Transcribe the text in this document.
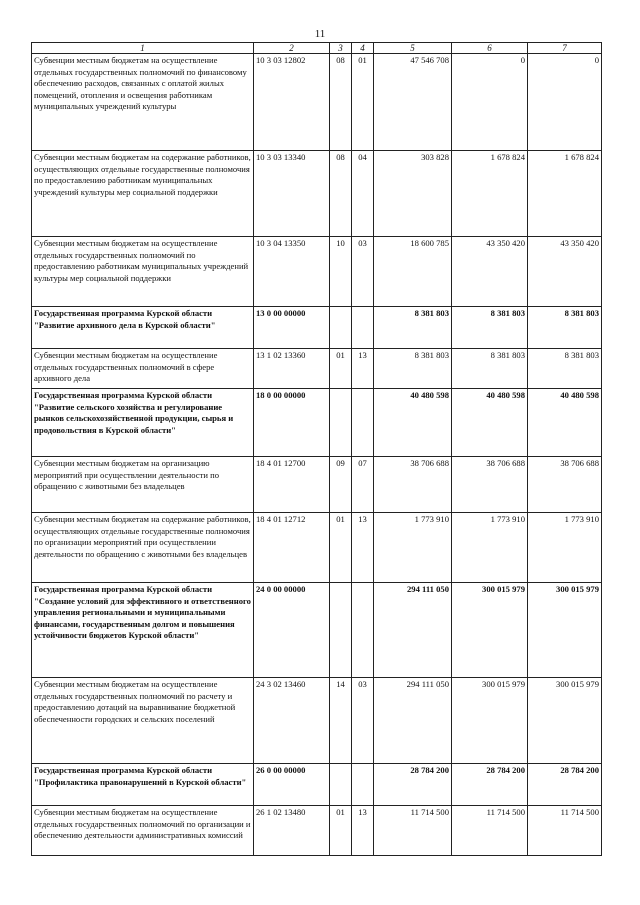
11
1	2	3	4	5	6	7
Субвенции местным бюджетам на осуществление отдельных государственных полномочий по финансовому обеспечению расходов, связанных с оплатой жилых помещений, отопления и освещения работникам муниципальных учреждений культуры	10 3 03 12802	08	01	47 546 708	0	0
Субвенции местным бюджетам на содержание работников, осуществляющих отдельные государственные полномочия по предоставлению работникам муниципальных учреждений культуры мер социальной поддержки	10 3 03 13340	08	04	303 828	1 678 824	1 678 824
Субвенции местным бюджетам на осуществление отдельных государственных полномочий по предоставлению работникам муниципальных учреждений культуры мер социальной поддержки	10 3 04 13350	10	03	18 600 785	43 350 420	43 350 420
Государственная программа Курской области "Развитие архивного дела в Курской области"	13 0 00 00000			8 381 803	8 381 803	8 381 803
Субвенции местным бюджетам на осуществление отдельных государственных полномочий в сфере архивного дела	13 1 02 13360	01	13	8 381 803	8 381 803	8 381 803
Государственная программа Курской области "Развитие сельского хозяйства и регулирование рынков сельскохозяйственной продукции, сырья и продовольствия в Курской области"	18 0 00 00000			40 480 598	40 480 598	40 480 598
Субвенции местным бюджетам на организацию мероприятий при осуществлении деятельности по обращению с животными без владельцев	18 4 01 12700	09	07	38 706 688	38 706 688	38 706 688
Субвенции местным бюджетам на содержание работников, осуществляющих отдельные государственные полномочия по организации мероприятий при осуществлении деятельности по обращению с животными без владельцев	18 4 01 12712	01	13	1 773 910	1 773 910	1 773 910
Государственная программа Курской области "Создание условий для эффективного и ответственного управления региональными и муниципальными финансами, государственным долгом и повышения устойчивости бюджетов Курской области"	24 0 00 00000			294 111 050	300 015 979	300 015 979
Субвенции местным бюджетам на осуществление отдельных государственных полномочий по расчету и предоставлению дотаций на выравнивание бюджетной обеспеченности городских и сельских поселений	24 3 02 13460	14	03	294 111 050	300 015 979	300 015 979
Государственная программа Курской области "Профилактика правонарушений в Курской области"	26 0 00 00000			28 784 200	28 784 200	28 784 200
Субвенции местным бюджетам на осуществление отдельных государственных полномочий по организации и обеспечению деятельности административных комиссий	26 1 02 13480	01	13	11 714 500	11 714 500	11 714 500
